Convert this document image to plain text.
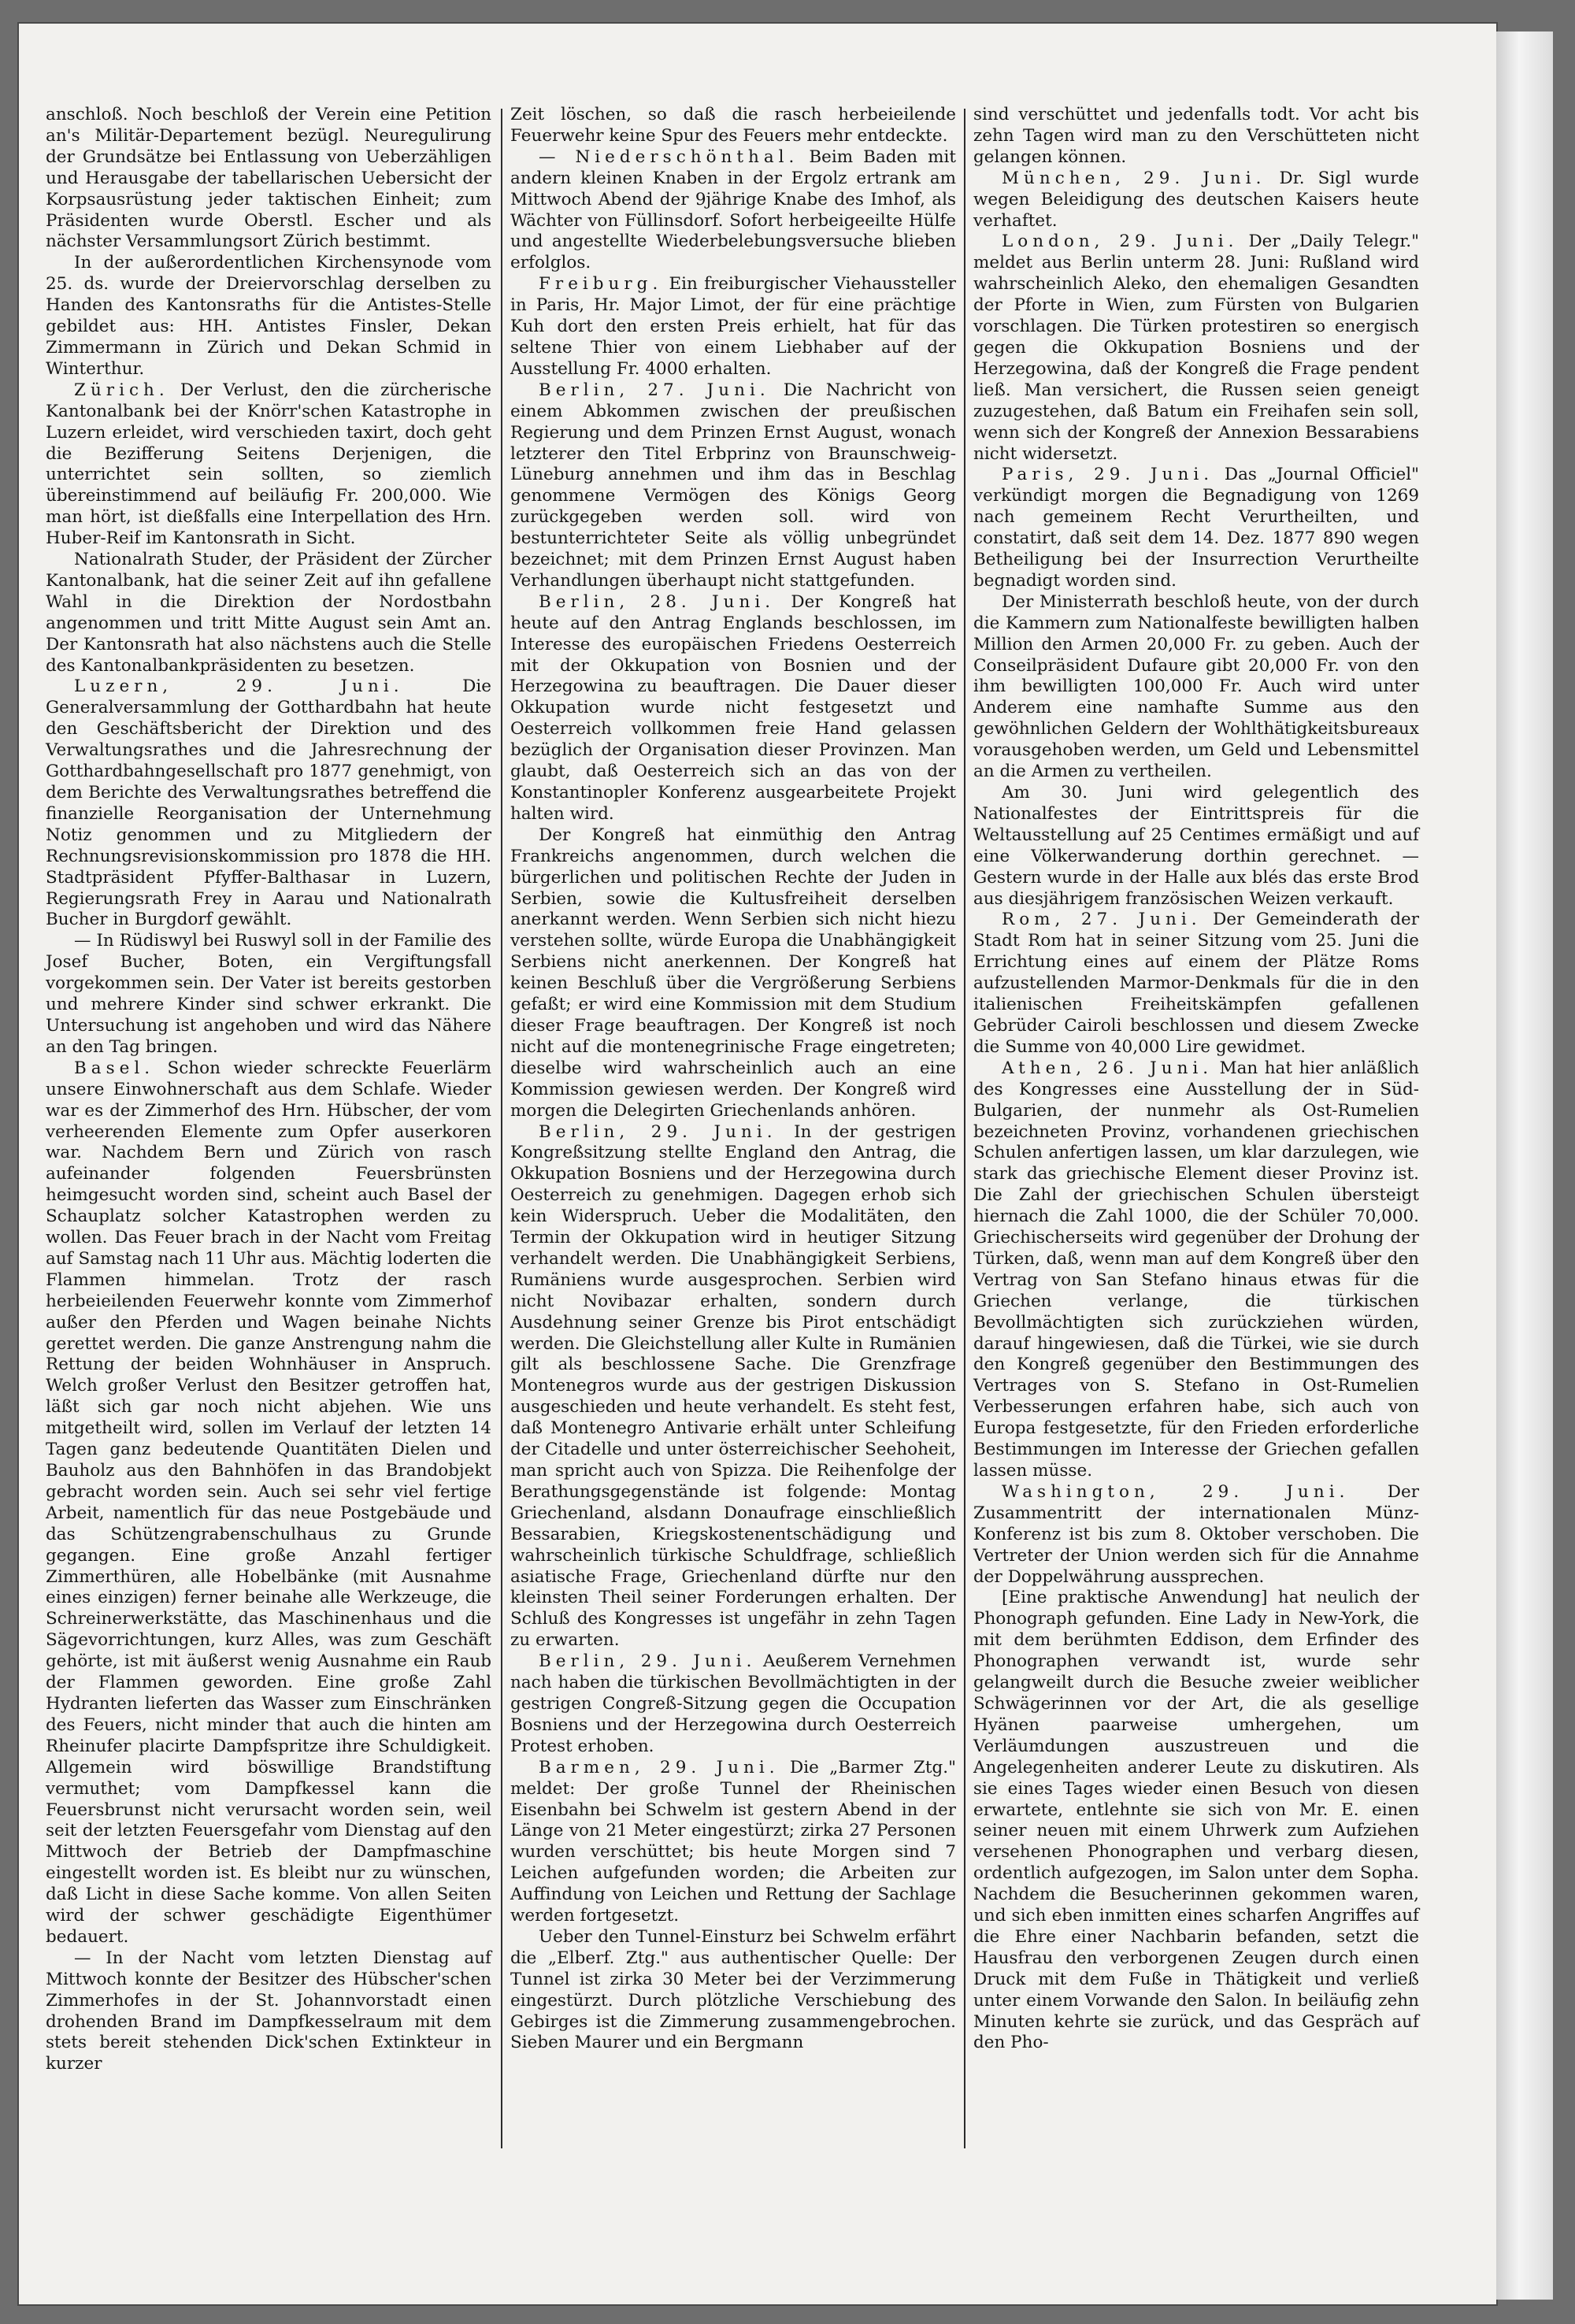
anschloß. Noch beschloß der Verein eine Petition an's Militär-Departement bezügl. Neuregulirung der Grundsätze bei Entlassung von Ueberzähligen und Herausgabe der tabellarischen Uebersicht der Korpsausrüstung jeder taktischen Einheit; zum Präsidenten wurde Oberstl. Escher und als nächster Versammlungsort Zürich bestimmt.

In der außerordentlichen Kirchensynode vom 25. ds. wurde der Dreiervorschlag derselben zu Handen des Kantonsraths für die Antistes-Stelle gebildet aus: HH. Antistes Finsler, Dekan Zimmermann in Zürich und Dekan Schmid in Winterthur.

Zürich. Der Verlust, den die zürcherische Kantonalbank bei der Knörr'schen Katastrophe in Luzern erleidet, wird verschieden taxirt, doch geht die Bezifferung Seitens Derjenigen, die unterrichtet sein sollten, so ziemlich übereinstimmend auf beiläufig Fr. 200,000. Wie man hört, ist dießfalls eine Interpellation des Hrn. Huber-Reif im Kantonsrath in Sicht.

Nationalrath Studer, der Präsident der Zürcher Kantonalbank, hat die seiner Zeit auf ihn gefallene Wahl in die Direktion der Nordostbahn angenommen und tritt Mitte August sein Amt an. Der Kantonsrath hat also nächstens auch die Stelle des Kantonalbankpräsidenten zu besetzen.

Luzern, 29. Juni.	Die Generalversammlung der Gotthardbahn hat heute den Geschäftsbericht der Direktion und des Verwaltungsrathes und die Jahresrechnung der Gotthardbahngesellschaft pro 1877 genehmigt, von dem Berichte des Verwaltungsrathes betreffend die finanzielle Reorganisation der Unternehmung Notiz genommen und zu Mitgliedern der Rechnungsrevisionskommission pro 1878 die HH. Stadtpräsident Pfyffer-Balthasar in Luzern, Regierungsrath Frey in Aarau und Nationalrath Bucher in Burgdorf gewählt.

— In Rüdiswyl bei Ruswyl soll in der Familie des Josef Bucher, Boten, ein Vergiftungsfall vorgekommen sein. Der Vater ist bereits gestorben und mehrere Kinder sind schwer erkrankt. Die Untersuchung ist angehoben und wird das Nähere an den Tag bringen.

Basel. Schon wieder schreckte Feuerlärm unsere Einwohnerschaft aus dem Schlafe. Wieder war es der Zimmerhof des Hrn. Hübscher, der vom verheerenden Elemente zum Opfer auserkoren war. Nachdem Bern und Zürich von rasch aufeinander folgenden Feuersbrünsten heimgesucht worden sind, scheint auch Basel der Schauplatz solcher Katastrophen werden zu wollen. Das Feuer brach in der Nacht vom Freitag auf Samstag nach 11 Uhr aus. Mächtig loderten die Flammen himmelan. Trotz der rasch herbeieilenden Feuerwehr konnte vom Zimmerhof außer den Pferden und Wagen beinahe Nichts gerettet werden. Die ganze Anstrengung nahm die Rettung der beiden Wohnhäuser in Anspruch. Welch großer Verlust den Besitzer getroffen hat, läßt sich gar noch nicht abjehen. Wie uns mitgetheilt wird, sollen im Verlauf der letzten 14 Tagen ganz bedeutende Quantitäten Dielen und Bauholz aus den Bahnhöfen in das Brandobjekt gebracht worden sein. Auch sei sehr viel fertige Arbeit, namentlich für das neue Postgebäude und das Schützengrabenschulhaus zu Grunde gegangen. Eine große Anzahl fertiger Zimmerthüren, alle Hobelbänke (mit Ausnahme eines einzigen) ferner beinahe alle Werkzeuge, die Schreinerwerkstätte, das Maschinenhaus und die Sägevorrichtungen, kurz Alles, was zum Geschäft gehörte, ist mit äußerst wenig Ausnahme ein Raub der Flammen geworden. Eine große Zahl Hydranten lieferten das Wasser zum Einschränken des Feuers, nicht minder that auch die hinten am Rheinufer placirte Dampfspritze ihre Schuldigkeit. Allgemein wird böswillige Brandstiftung vermuthet; vom Dampfkessel kann die Feuersbrunst nicht verursacht worden sein, weil seit der letzten Feuersgefahr vom Dienstag auf den Mittwoch der Betrieb der Dampfmaschine eingestellt worden ist. Es bleibt nur zu wünschen, daß Licht in diese Sache komme. Von allen Seiten wird der schwer geschädigte Eigenthümer bedauert.

— In der Nacht vom letzten Dienstag auf Mittwoch konnte der Besitzer des Hübscher'schen Zimmerhofes in der St. Johannvorstadt einen drohenden Brand im Dampfkesselraum mit dem stets bereit stehenden Dick'schen Extinkteur in kurzer

Zeit löschen, so daß die rasch herbeieilende Feuerwehr keine Spur des Feuers mehr entdeckte.

— Niederschönthal. Beim Baden mit andern kleinen Knaben in der Ergolz ertrank am Mittwoch Abend der 9jährige Knabe des Imhof, als Wächter von Füllinsdorf. Sofort herbeigeeilte Hülfe und angestellte Wiederbelebungsversuche blieben erfolglos.

Freiburg. Ein freiburgischer Viehaussteller in Paris, Hr. Major Limot, der für eine prächtige Kuh dort den ersten Preis erhielt, hat für das seltene Thier von einem Liebhaber auf der Ausstellung Fr. 4000 erhalten.

Berlin, 27. Juni. Die Nachricht von einem Abkommen zwischen der preußischen Regierung und dem Prinzen Ernst August, wonach letzterer den Titel Erbprinz von Braunschweig-Lüneburg annehmen und ihm das in Beschlag genommene Vermögen des Königs Georg zurückgegeben werden soll. wird von bestunterrichteter Seite als völlig unbegründet bezeichnet; mit dem Prinzen Ernst August haben Verhandlungen überhaupt nicht stattgefunden.

Berlin, 28. Juni. Der Kongreß hat heute auf den Antrag Englands beschlossen, im Interesse des europäischen Friedens Oesterreich mit der Okkupation von Bosnien und der Herzegowina zu beauftragen. Die Dauer dieser Okkupation wurde nicht festgesetzt und Oesterreich vollkommen freie Hand gelassen bezüglich der Organisation dieser Provinzen. Man glaubt, daß Oesterreich sich an das von der Konstantinopler Konferenz ausgearbeitete Projekt halten wird.

Der Kongreß hat einmüthig den Antrag Frankreichs angenommen, durch welchen die bürgerlichen und politischen Rechte der Juden in Serbien, sowie die Kultusfreiheit derselben anerkannt werden. Wenn Serbien sich nicht hiezu verstehen sollte, würde Europa die Unabhängigkeit Serbiens nicht anerkennen. Der Kongreß hat keinen Beschluß über die Vergrößerung Serbiens gefaßt; er wird eine Kommission mit dem Studium dieser Frage beauftragen. Der Kongreß ist noch nicht auf die montenegrinische Frage eingetreten; dieselbe wird wahrscheinlich auch an eine Kommission gewiesen werden. Der Kongreß wird morgen die Delegirten Griechenlands anhören.

Berlin, 29. Juni. In der gestrigen Kongreßsitzung stellte England den Antrag, die Okkupation Bosniens und der Herzegowina durch Oesterreich zu genehmigen. Dagegen erhob sich kein Widerspruch. Ueber die Modalitäten, den Termin der Okkupation wird in heutiger Sitzung verhandelt werden. Die Unabhängigkeit Serbiens, Rumäniens wurde ausgesprochen. Serbien wird nicht Novibazar erhalten, sondern durch Ausdehnung seiner Grenze bis Pirot entschädigt werden. Die Gleichstellung aller Kulte in Rumänien gilt als beschlossene Sache. Die Grenzfrage Montenegros wurde aus der gestrigen Diskussion ausgeschieden und heute verhandelt. Es steht fest, daß Montenegro Antivarie erhält unter Schleifung der Citadelle und unter österreichischer Seehoheit, man spricht auch von Spizza. Die Reihenfolge der Berathungsgegenstände ist folgende: Montag Griechenland, alsdann Donaufrage einschließlich Bessarabien, Kriegskostenentschädigung und wahrscheinlich türkische Schuldfrage, schließlich asiatische Frage, Griechenland dürfte nur den kleinsten Theil seiner Forderungen erhalten. Der Schluß des Kongresses ist ungefähr in zehn Tagen zu erwarten.

Berlin, 29. Juni. Aeußerem Vernehmen nach haben die türkischen Bevollmächtigten in der gestrigen Congreß-Sitzung gegen die Occupation Bosniens und der Herzegowina durch Oesterreich Protest erhoben.

Barmen, 29. Juni. Die „Barmer Ztg." meldet: Der große Tunnel der Rheinischen Eisenbahn bei Schwelm ist gestern Abend in der Länge von 21 Meter eingestürzt; zirka 27 Personen wurden verschüttet; bis heute Morgen sind 7 Leichen aufgefunden worden; die Arbeiten zur Auffindung von Leichen und Rettung der Sachlage werden fortgesetzt.

Ueber den Tunnel-Einsturz bei Schwelm erfährt die „Elberf. Ztg." aus authentischer Quelle: Der Tunnel ist zirka 30 Meter bei der Verzimmerung eingestürzt. Durch plötzliche Verschiebung des Gebirges ist die Zimmerung zusammengebrochen. Sieben Maurer und ein Bergmann

sind verschüttet und jedenfalls todt. Vor acht bis zehn Tagen wird man zu den Verschütteten nicht gelangen können.

München, 29. Juni. Dr. Sigl wurde wegen Beleidigung des deutschen Kaisers heute verhaftet.

London, 29. Juni. Der „Daily Telegr." meldet aus Berlin unterm 28. Juni: Rußland wird wahrscheinlich Aleko, den ehemaligen Gesandten der Pforte in Wien, zum Fürsten von Bulgarien vorschlagen. Die Türken protestiren so energisch gegen die Okkupation Bosniens und der Herzegowina, daß der Kongreß die Frage pendent ließ. Man versichert, die Russen seien geneigt zuzugestehen, daß Batum ein Freihafen sein soll, wenn sich der Kongreß der Annexion Bessarabiens nicht widersetzt.

Paris, 29. Juni. Das „Journal Officiel" verkündigt morgen die Begnadigung von 1269 nach gemeinem Recht Verurtheilten, und constatirt, daß seit dem 14. Dez. 1877 890 wegen Betheiligung bei der Insurrection Verurtheilte begnadigt worden sind.

Der Ministerrath beschloß heute, von der durch die Kammern zum Nationalfeste bewilligten halben Million den Armen 20,000 Fr. zu geben. Auch der Conseilpräsident Dufaure gibt 20,000 Fr. von den ihm bewilligten 100,000 Fr. Auch wird unter Anderem eine namhafte Summe aus den gewöhnlichen Geldern der Wohlthätigkeitsbureaux vorausgehoben werden, um Geld und Lebensmittel an die Armen zu vertheilen.

Am 30. Juni wird gelegentlich des Nationalfestes der Eintrittspreis für die Weltausstellung auf 25 Centimes ermäßigt und auf eine Völkerwanderung dorthin gerechnet. — Gestern wurde in der Halle aux blés das erste Brod aus diesjährigem französischen Weizen verkauft.

Rom, 27. Juni. Der Gemeinderath der Stadt Rom hat in seiner Sitzung vom 25. Juni die Errichtung eines auf einem der Plätze Roms aufzustellenden Marmor-Denkmals für die in den italienischen Freiheitskämpfen gefallenen Gebrüder Cairoli beschlossen und diesem Zwecke die Summe von 40,000 Lire gewidmet.

Athen, 26. Juni. Man hat hier anläßlich des Kongresses eine Ausstellung der in Süd-Bulgarien, der nunmehr als Ost-Rumelien bezeichneten Provinz, vorhandenen griechischen Schulen anfertigen lassen, um klar darzulegen, wie stark das griechische Element dieser Provinz ist. Die Zahl der griechischen Schulen übersteigt hiernach die Zahl 1000, die der Schüler 70,000. Griechischerseits wird gegenüber der Drohung der Türken, daß, wenn man auf dem Kongreß über den Vertrag von San Stefano hinaus etwas für die Griechen verlange, die türkischen Bevollmächtigten sich zurückziehen würden, darauf hingewiesen, daß die Türkei, wie sie durch den Kongreß gegenüber den Bestimmungen des Vertrages von S. Stefano in Ost-Rumelien Verbesserungen erfahren habe, sich auch von Europa festgesetzte, für den Frieden erforderliche Bestimmungen im Interesse der Griechen gefallen lassen müsse.

Washington, 29. Juni. Der Zusammentritt der internationalen Münz-Konferenz ist bis zum 8. Oktober verschoben. Die Vertreter der Union werden sich für die Annahme der Doppelwährung aussprechen.

[Eine praktische Anwendung] hat neulich der Phonograph gefunden. Eine Lady in New-York, die mit dem berühmten Eddison, dem Erfinder des Phonographen verwandt ist, wurde sehr gelangweilt durch die Besuche zweier weiblicher Schwägerinnen vor der Art, die als gesellige Hyänen paarweise umhergehen, um Verläumdungen auszustreuen und die Angelegenheiten anderer Leute zu diskutiren. Als sie eines Tages wieder einen Besuch von diesen erwartete, entlehnte sie sich von Mr. E. einen seiner neuen mit einem Uhrwerk zum Aufziehen versehenen Phonographen und verbarg diesen, ordentlich aufgezogen, im Salon unter dem Sopha. Nachdem die Besucherinnen gekommen waren, und sich eben inmitten eines scharfen Angriffes auf die Ehre einer Nachbarin befanden, setzt die Hausfrau den verborgenen Zeugen durch einen Druck mit dem Fuße in Thätigkeit und verließ unter einem Vorwande den Salon. In beiläufig zehn Minuten kehrte sie zurück, und das Gespräch auf den Pho-
